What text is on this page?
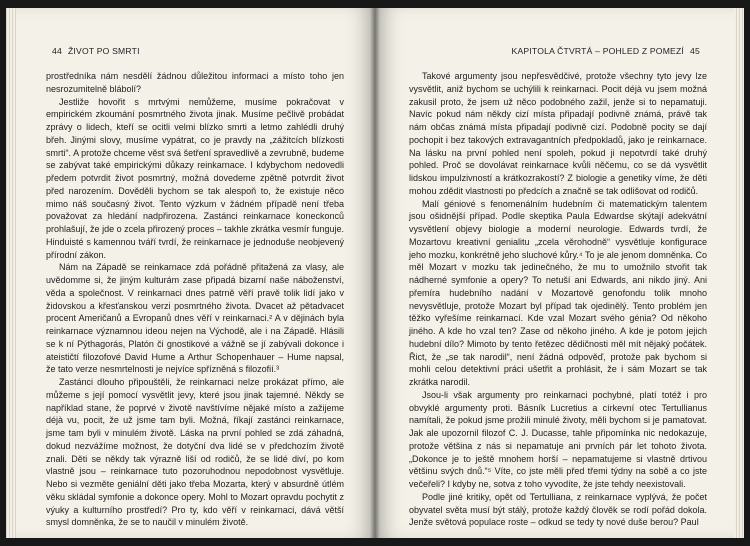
44 ŽIVOT PO SMRTI

prostředníka nám nesdělí žádnou důležitou informaci a místo toho jen nesrozumitelně blábolí?

Jestliže hovořit s mrtvými nemůžeme, musíme pokračovat v empirickém zkoumání posmrtného života jinak. Musíme pečlivě probádat zprávy o lidech, kteří se ocitli velmi blízko smrti a letmo zahlédli druhý břeh. Jinými slovy, musíme vypátrat, co je pravdy na „zážitcích blízkosti smrti“. A protože chceme věst svá šetření spravedlivě a zevrubně, budeme se zabývat také empirickými důkazy reinkarnace. I kdybychom nedovedli předem potvrdit život posmrtný, možná dovedeme zpětně potvrdit život před narozením. Dověděli bychom se tak alespoň to, že existuje něco mimo náš současný život. Tento výzkum v žádném případě není třeba považovat za hledání nadpřirozena. Zastánci reinkarnace koneckonců prohlašují, že jde o zcela přirozený proces – takhle zkrátka vesmír funguje. Hinduisté s kamennou tváří tvrdí, že reinkarnace je jednoduše neobjevený přírodní zákon.

Nám na Západě se reinkarnace zdá pořádně přitažená za vlasy, ale uvědomme si, že jiným kulturám zase připadá bizarní naše náboženství, věda a společnost. V reinkarnaci dnes patrně věří pravě tolik lidí jako v židovskou a křesťanskou verzi posmrtného života. Dvacet až pětadvacet procent Američanů a Evropanů dnes věří v reinkarnaci.² A v dějinách byla reinkarnace významnou ideou nejen na Východě, ale i na Západě. Hlásili se k ní Pýthagorás, Platón či gnostikové a vážně se jí zabývali dokonce i ateističtí filozofové David Hume a Arthur Schopenhauer – Hume napsal, že tato verze nesmrtelnosti je nejvíce spřízněná s filozofií.³

Zastánci dlouho připouštěli, že reinkarnaci nelze prokázat přímo, ale můžeme s její pomocí vysvětlit jevy, které jsou jinak tajemné. Někdy se například stane, že poprvé v životě navštívíme nějaké místo a zažijeme déjà vu, pocit, že už jsme tam byli. Možná, říkají zastánci reinkarnace, jsme tam byli v minulém životě. Láska na první pohled se zdá záhadná, dokud nezvážíme možnost, že dotyční dva lidé se v předchozím životě znali. Děti se někdy tak výrazně liší od rodičů, že se lidé diví, po kom vlastně jsou – reinkarnace tuto pozoruhodnou nepodobnost vysvětluje. Nebo si vezměte geniální děti jako třeba Mozarta, který v absurdně útlém věku skládal symfonie a dokonce opery. Mohl to Mozart opravdu pochytit z výuky a kulturního prostředí? Pro ty, kdo věří v reinkarnaci, dává větší smysl domněnka, že se to naučil v minulém životě.

KAPITOLA ČTVRTÁ – POHLED Z POMEZÍ 45

Takové argumenty jsou nepřesvědčivé, protože všechny tyto jevy lze vysvětlit, aniž bychom se uchýlili k reinkarnaci. Pocit déjà vu jsem možná zakusil proto, že jsem už něco podobného zažil, jenže si to nepamatuji. Navíc pokud nám někdy cizí místa připadají podivně známá, právě tak nám občas známá místa připadají podivně cizí. Podobně pocity se dají pochopit i bez takových extravagantních předpokladů, jako je reinkarnace. Na lásku na první pohled není spoleh, pokud ji nepotvrdí také druhý pohled. Proč se dovolávat reinkarnace kvůli něčemu, co se dá vysvětlit lidskou impulzivností a krátkozrakostí? Z biologie a genetiky víme, že děti mohou zdědit vlastnosti po předcích a značně se tak odlišovat od rodičů.

Malí géniové s fenomenálním hudebním či matematickým talentem jsou ošidnější případ. Podle skeptika Paula Edwardse skýtají adekvátní vysvětlení objevy biologie a moderní neurologie. Edwards tvrdí, že Mozartovu kreativní genialitu „zcela věrohodně“ vysvětluje konfigurace jeho mozku, konkrétně jeho sluchové kůry.⁴ To je ale jenom domněnka. Co měl Mozart v mozku tak jedinečného, že mu to umožnilo stvořit tak nádherné symfonie a opery? To netuší ani Edwards, ani nikdo jiný. Ani přemíra hudebního nadání v Mozartově genofondu tolik mnoho nevysvětluje, protože Mozart byl případ tak ojedinělý. Tento problém jen těžko vyřešíme reinkarnací. Kde vzal Mozart svého génia? Od někoho jiného. A kde ho vzal ten? Zase od někoho jiného. A kde je potom jejich hudební dílo? Mimoto by tento řetězec dědičnosti měl mít nějaký počátek. Řict, že „se tak narodil“, není žádná odpověď, protože pak bychom si mohli celou detektivní práci ušetřit a prohlásit, že i sám Mozart se tak zkrátka narodil.

Jsou-li však argumenty pro reinkarnaci pochybné, platí totéž i pro obvyklé argumenty proti. Básník Lucretius a církevní otec Tertullianus namítali, že pokud jsme prožili minulé životy, měli bychom si je pamatovat. Jak ale upozornil filozof C. J. Ducasse, tahle připomínka nic nedokazuje, protože většina z nás si nepamatuje ani prvních pár let tohoto života. „Dokonce je to ještě mnohem horší – nepamatujeme si vlastně drtivou většinu svých dnů.“⁵ Víte, co jste měli před třemi týdny na sobě a co jste večeřeli? I kdyby ne, sotva z toho vyvodíte, že jste tehdy neexistovali.

Podle jiné kritiky, opět od Tertulliana, z reinkarnace vyplývá, že počet obyvatel světa musí být stálý, protože každý člověk se rodí pořád dokola. Jenže světová populace roste – odkud se tedy ty nové duše berou? Paul
